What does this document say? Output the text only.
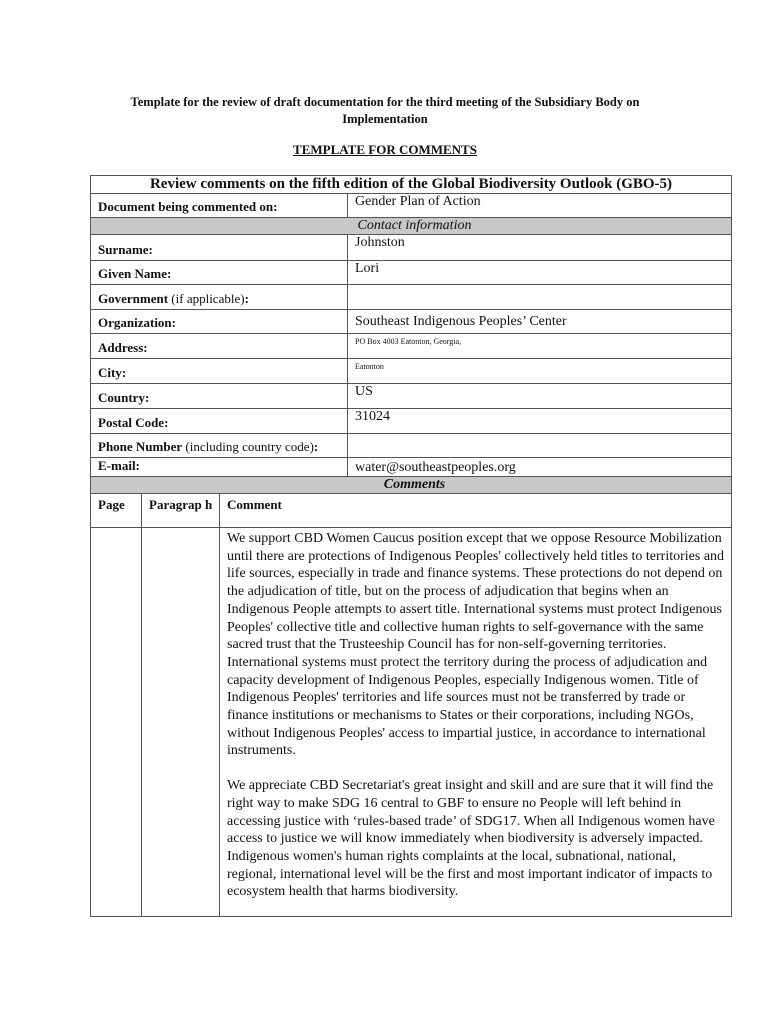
Template for the review of draft documentation for the third meeting of the Subsidiary Body on
Implementation
TEMPLATE FOR COMMENTS
Review comments on the fifth edition of the Global Biodiversity Outlook (GBO-5)			
Document being commented on:			Gender Plan of Action
Contact information			
Surname:			Johnston
Given Name:			Lori
Government (if applicable):			
Organization:			Southeast Indigenous Peoples’ Center
Address:			PO Box 4003 Eatonton, Georgia,
City:			Eatonton
Country:			US
Postal Code:			31024
Phone Number (including country code):			
E-mail:			water@southeastpeoples.org
Comments			
Page	Paragrap h	Comment	

		We support CBD Women Caucus position except that we oppose Resource Mobilization until there are protections of Indigenous Peoples' collectively held titles to territories and life sources, especially in trade and finance systems. These protections do not depend on the adjudication of title, but on the process of adjudication that begins when an Indigenous People attempts to assert title. International systems must protect Indigenous Peoples' collective title and collective human rights to self-governance with the same sacred trust that the Trusteeship Council has for non-self-governing territories. International systems must protect the territory during the process of adjudication and capacity development of Indigenous Peoples, especially Indigenous women. Title of Indigenous Peoples' territories and life sources must not be transferred by trade or finance institutions or mechanisms to States or their corporations, including NGOs, without Indigenous Peoples' access to impartial justice, in accordance to international instruments.

We appreciate CBD Secretariat's great insight and skill and are sure that it will find the right way to make SDG 16 central to GBF to ensure no People will left behind in accessing justice with ‘rules-based trade’ of SDG17. When all Indigenous women have access to justice we will know immediately when biodiversity is adversely impacted. Indigenous women's human rights complaints at the local, subnational, national, regional, international level will be the first and most important indicator of impacts to ecosystem health that harms biodiversity.	
